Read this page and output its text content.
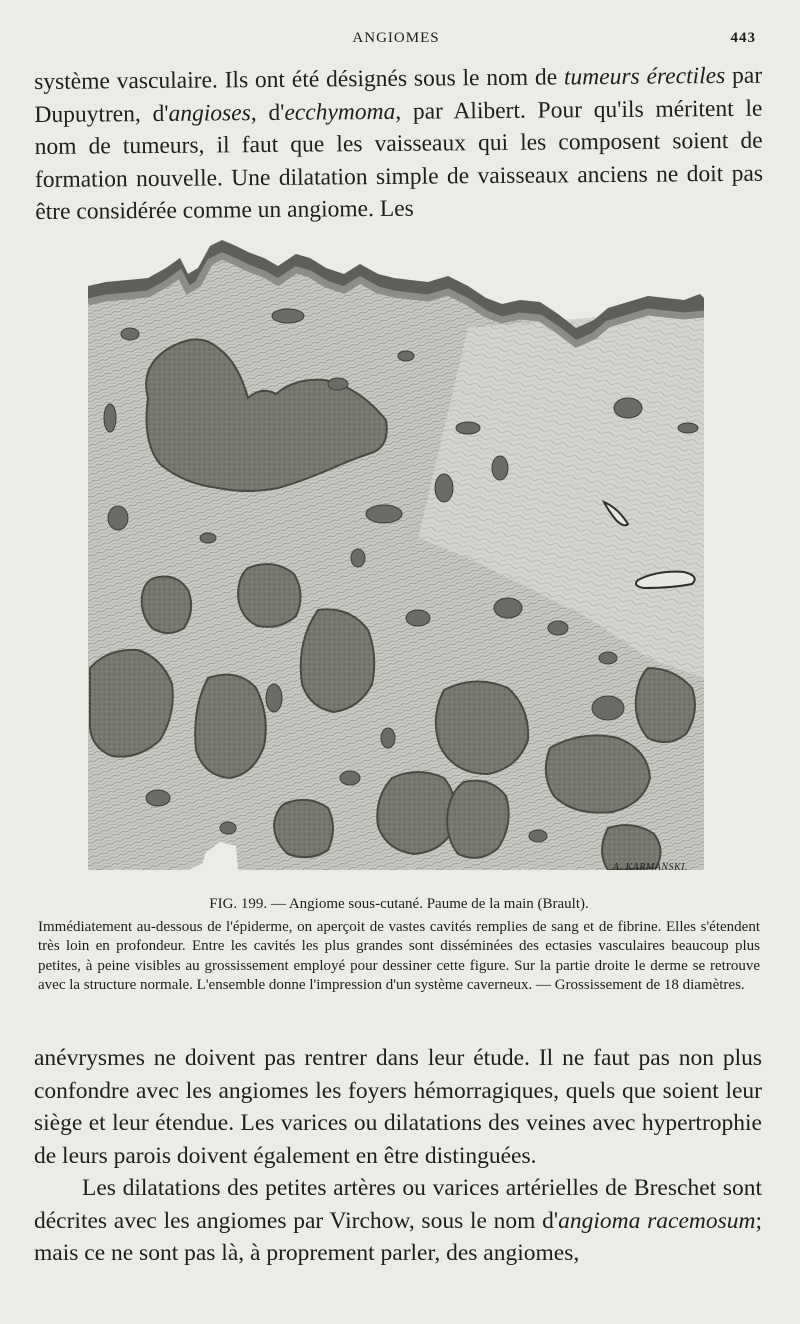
ANGIOMES	443

système vasculaire. Ils ont été désignés sous le nom de tumeurs érectiles par Dupuytren, d'angioses, d'ecchymoma, par Alibert. Pour qu'ils méritent le nom de tumeurs, il faut que les vaisseaux qui les composent soient de formation nouvelle. Une dilatation simple de vaisseaux anciens ne doit pas être considérée comme un angiome. Les

A. KARMANSKI.

FIG. 199. — Angiome sous-cutané. Paume de la main (Brault).

Immédiatement au-dessous de l'épiderme, on aperçoit de vastes cavités remplies de sang et de fibrine. Elles s'étendent très loin en profondeur. Entre les cavités les plus grandes sont disséminées des ectasies vasculaires beaucoup plus petites, à peine visibles au grossissement employé pour dessiner cette figure. Sur la partie droite le derme se retrouve avec la structure normale. L'ensemble donne l'impression d'un système caverneux. — Grossissement de 18 diamètres.

anévrysmes ne doivent pas rentrer dans leur étude. Il ne faut pas non plus confondre avec les angiomes les foyers hémorragiques, quels que soient leur siège et leur étendue. Les varices ou dilatations des veines avec hypertrophie de leurs parois doivent également en être distinguées.

Les dilatations des petites artères ou varices artérielles de Breschet sont décrites avec les angiomes par Virchow, sous le nom d'angioma racemosum; mais ce ne sont pas là, à proprement parler, des angiomes,
